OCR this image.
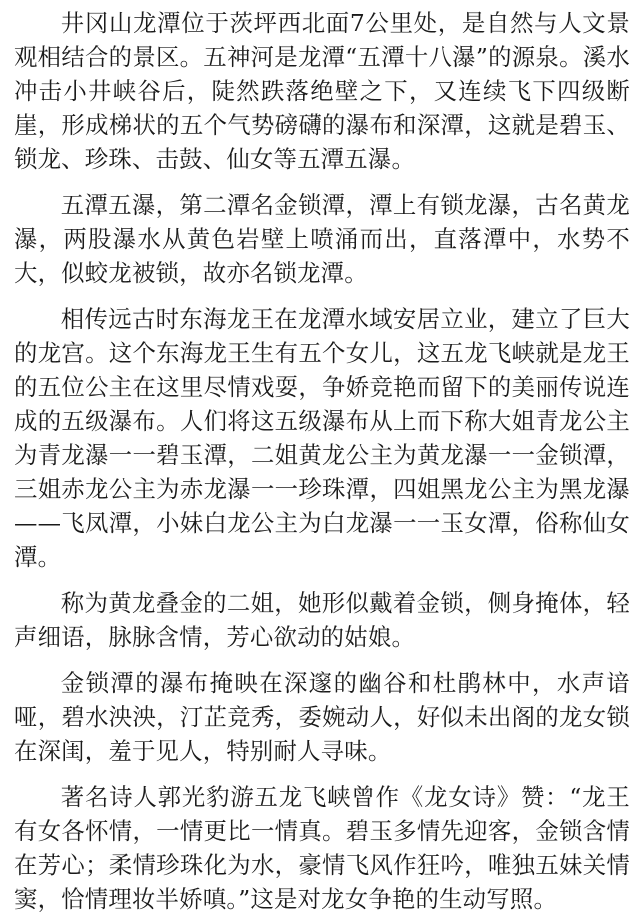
井冈山龙潭位于茨坪西北面7公里处，是自然与人文景观相结合的景区。五神河是龙潭“五潭十八瀑”的源泉。溪水冲击小井峡谷后，陡然跌落绝壁之下，又连续飞下四级断崖，形成梯状的五个气势磅礴的瀑布和深潭，这就是碧玉、锁龙、珍珠、击鼓、仙女等五潭五瀑。

五潭五瀑，第二潭名金锁潭，潭上有锁龙瀑，古名黄龙瀑，两股瀑水从黄色岩壁上喷涌而出，直落潭中，水势不大，似蛟龙被锁，故亦名锁龙潭。

相传远古时东海龙王在龙潭水域安居立业，建立了巨大的龙宫。这个东海龙王生有五个女儿，这五龙飞峡就是龙王的五位公主在这里尽情戏耍，争娇竞艳而留下的美丽传说连成的五级瀑布。人们将这五级瀑布从上而下称大姐青龙公主为青龙瀑一一碧玉潭，二姐黄龙公主为黄龙瀑一一金锁潭，三姐赤龙公主为赤龙瀑一一珍珠潭，四姐黑龙公主为黑龙瀑——飞凤潭，小妹白龙公主为白龙瀑一一玉女潭，俗称仙女潭。

称为黄龙叠金的二姐，她形似戴着金锁，侧身掩体，轻声细语，脉脉含情，芳心欲动的姑娘。

金锁潭的瀑布掩映在深邃的幽谷和杜鹃林中，水声谙哑，碧水泱泱，汀芷竞秀，委婉动人，好似未出阁的龙女锁在深闺，羞于见人，特别耐人寻味。

著名诗人郭光豹游五龙飞峡曾作《龙女诗》赞：“龙王有女各怀情，一情更比一情真。碧玉多情先迎客，金锁含情在芳心；柔情珍珠化为水，豪情飞风作狂吟，唯独五妹关情窦，恰情理妆半娇嗔。”这是对龙女争艳的生动写照。
